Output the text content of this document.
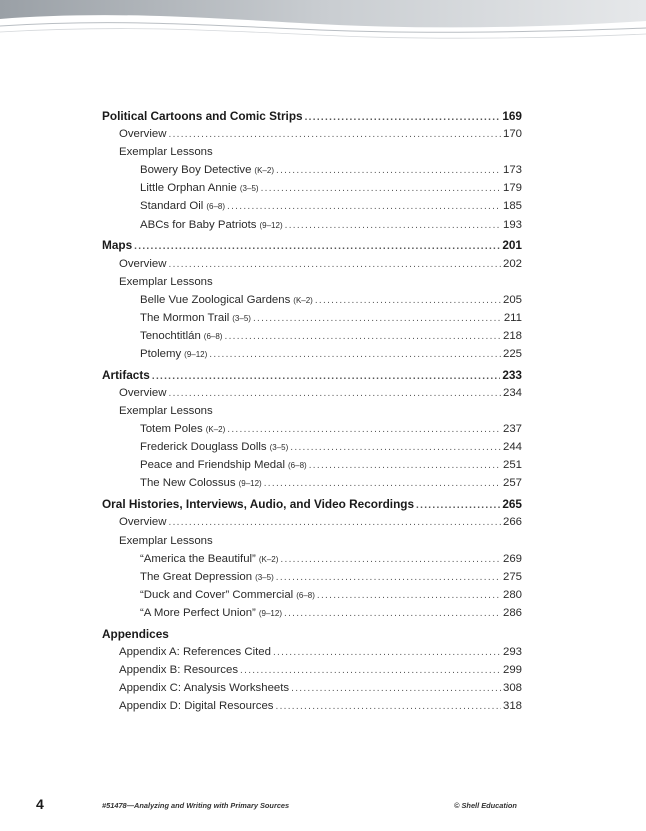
Political Cartoons and Comic Strips .....	169
Overview .....	170
Exemplar Lessons
Bowery Boy Detective (K–2) .....	173
Little Orphan Annie (3–5) .....	179
Standard Oil (6–8) .....	185
ABCs for Baby Patriots (9–12) .....	193
Maps .....	201
Overview .....	202
Exemplar Lessons
Belle Vue Zoological Gardens (K–2) .....	205
The Mormon Trail (3–5) .....	211
Tenochtitlán (6–8) .....	218
Ptolemy (9–12) .....	225
Artifacts .....	233
Overview .....	234
Exemplar Lessons
Totem Poles (K–2) .....	237
Frederick Douglass Dolls (3–5) .....	244
Peace and Friendship Medal (6–8) .....	251
The New Colossus (9–12) .....	257
Oral Histories, Interviews, Audio, and Video Recordings .....	265
Overview .....	266
Exemplar Lessons
“America the Beautiful” (K–2) .....	269
The Great Depression (3–5) .....	275
“Duck and Cover” Commercial (6–8) .....	280
“A More Perfect Union” (9–12) .....	286
Appendices
Appendix A: References Cited .....	293
Appendix B: Resources .....	299
Appendix C: Analysis Worksheets .....	308
Appendix D: Digital Resources .....	318
4	#51478—Analyzing and Writing with Primary Sources	© Shell Education
